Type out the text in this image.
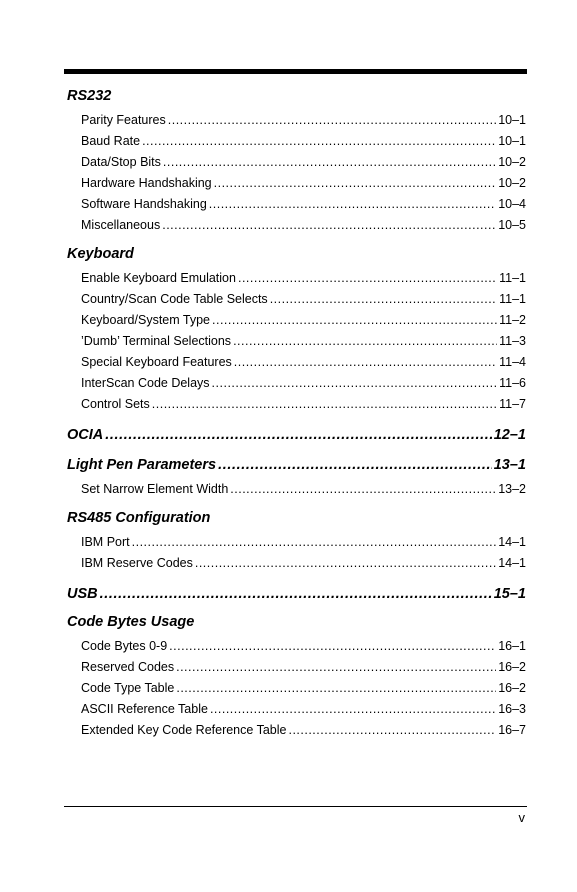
RS232
Parity Features .....	10–1
Baud Rate .....	10–1
Data/Stop Bits .....	10–2
Hardware Handshaking .....	10–2
Software Handshaking .....	10–4
Miscellaneous .....	10–5
Keyboard
Enable Keyboard Emulation .....	11–1
Country/Scan Code Table Selects .....	11–1
Keyboard/System Type .....	11–2
’Dumb’ Terminal Selections .....	11–3
Special Keyboard Features .....	11–4
InterScan Code Delays .....	11–6
Control Sets .....	11–7
OCIA .....	12–1
Light Pen Parameters .....	13–1
Set Narrow Element Width .....	13–2
RS485 Configuration
IBM Port .....	14–1
IBM Reserve Codes .....	14–1
USB .....	15–1
Code Bytes Usage
Code Bytes 0-9 .....	16–1
Reserved Codes .....	16–2
Code Type Table .....	16–2
ASCII Reference Table .....	16–3
Extended Key Code Reference Table .....	16–7
v
